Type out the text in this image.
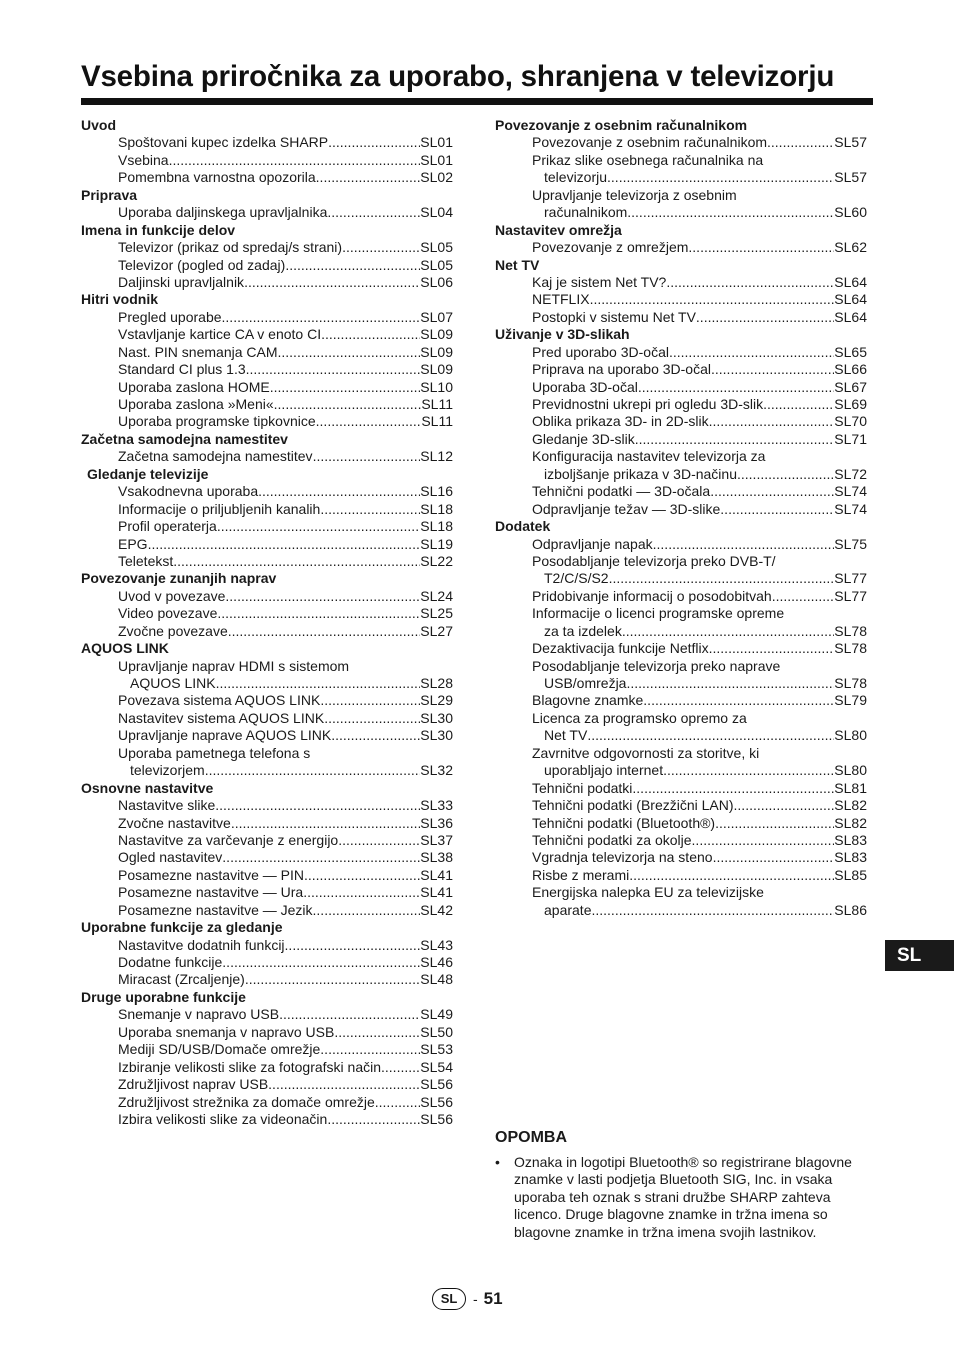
Vsebina priročnika za uporabo, shranjena v televizorju
Uvod
Spoštovani kupec izdelka SHARP .....	SL01
Vsebina .....	SL01
Pomembna varnostna opozorila .....	SL02
Priprava
Uporaba daljinskega upravljalnika .....	SL04
Imena in funkcije delov
Televizor (prikaz od spredaj/s strani) .....	SL05
Televizor (pogled od zadaj) .....	SL05
Daljinski upravljalnik .....	SL06
Hitri vodnik
Pregled uporabe .....	SL07
Vstavljanje kartice CA v enoto CI .....	SL09
Nast. PIN snemanja CAM .....	SL09
Standard CI plus 1.3 .....	SL09
Uporaba zaslona HOME .....	SL10
Uporaba zaslona »Meni« .....	SL11
Uporaba programske tipkovnice .....	SL11
Začetna samodejna namestitev
Začetna samodejna namestitev .....	SL12
Gledanje televizije
Vsakodnevna uporaba .....	SL16
Informacije o priljubljenih kanalih .....	SL18
Profil operaterja .....	SL18
EPG .....	SL19
Teletekst .....	SL22
Povezovanje zunanjih naprav
Uvod v povezave .....	SL24
Video povezave .....	SL25
Zvočne povezave .....	SL27
AQUOS LINK
Upravljanje naprav HDMI s sistemom
AQUOS LINK .....	SL28
Povezava sistema AQUOS LINK .....	SL29
Nastavitev sistema AQUOS LINK .....	SL30
Upravljanje naprave AQUOS LINK .....	SL30
Uporaba pametnega telefona s
televizorjem .....	SL32
Osnovne nastavitve
Nastavitve slike .....	SL33
Zvočne nastavitve .....	SL36
Nastavitve za varčevanje z energijo .....	SL37
Ogled nastavitev .....	SL38
Posamezne nastavitve — PIN .....	SL41
Posamezne nastavitve — Ura .....	SL41
Posamezne nastavitve — Jezik .....	SL42
Uporabne funkcije za gledanje
Nastavitve dodatnih funkcij .....	SL43
Dodatne funkcije .....	SL46
Miracast (Zrcaljenje) .....	SL48
Druge uporabne funkcije
Snemanje v napravo USB .....	SL49
Uporaba snemanja v napravo USB .....	SL50
Mediji SD/USB/Domače omrežje .....	SL53
Izbiranje velikosti slike za fotografski način .....	SL54
Združljivost naprav USB .....	SL56
Združljivost strežnika za domače omrežje .....	SL56
Izbira velikosti slike za videonačin .....	SL56
Povezovanje z osebnim računalnikom
Povezovanje z osebnim računalnikom .....	SL57
Prikaz slike osebnega računalnika na
televizorju .....	SL57
Upravljanje televizorja z osebnim
računalnikom .....	SL60
Nastavitev omrežja
Povezovanje z omrežjem .....	SL62
Net TV
Kaj je sistem Net TV? .....	SL64
NETFLIX .....	SL64
Postopki v sistemu Net TV .....	SL64
Uživanje v 3D-slikah
Pred uporabo 3D-očal .....	SL65
Priprava na uporabo 3D-očal .....	SL66
Uporaba 3D-očal .....	SL67
Previdnostni ukrepi pri ogledu 3D-slik .....	SL69
Oblika prikaza 3D- in 2D-slik .....	SL70
Gledanje 3D-slik .....	SL71
Konfiguracija nastavitev televizorja za
izboljšanje prikaza v 3D-načinu .....	SL72
Tehnični podatki — 3D-očala .....	SL74
Odpravljanje težav — 3D-slike .....	SL74
Dodatek
Odpravljanje napak .....	SL75
Posodabljanje televizorja preko DVB-T/
T2/C/S/S2 .....	SL77
Pridobivanje informacij o posodobitvah .....	SL77
Informacije o licenci programske opreme
za ta izdelek .....	SL78
Dezaktivacija funkcije Netflix .....	SL78
Posodabljanje televizorja preko naprave
USB/omrežja .....	SL78
Blagovne znamke .....	SL79
Licenca za programsko opremo za
Net TV .....	SL80
Zavrnitve odgovornosti za storitve, ki
uporabljajo internet .....	SL80
Tehnični podatki .....	SL81
Tehnični podatki (Brezžični LAN) .....	SL82
Tehnični podatki (Bluetooth®) .....	SL82
Tehnični podatki za okolje .....	SL83
Vgradnja televizorja na steno .....	SL83
Risbe z merami .....	SL85
Energijska nalepka EU za televizijske
aparate .....	SL86
SL
OPOMBA
• Oznaka in logotipi Bluetooth® so registrirane blagovne znamke v lasti podjetja Bluetooth SIG, Inc. in vsaka uporaba teh oznak s strani družbe SHARP zahteva licenco. Druge blagovne znamke in tržna imena so blagovne znamke in tržna imena svojih lastnikov.
SL	- 51
